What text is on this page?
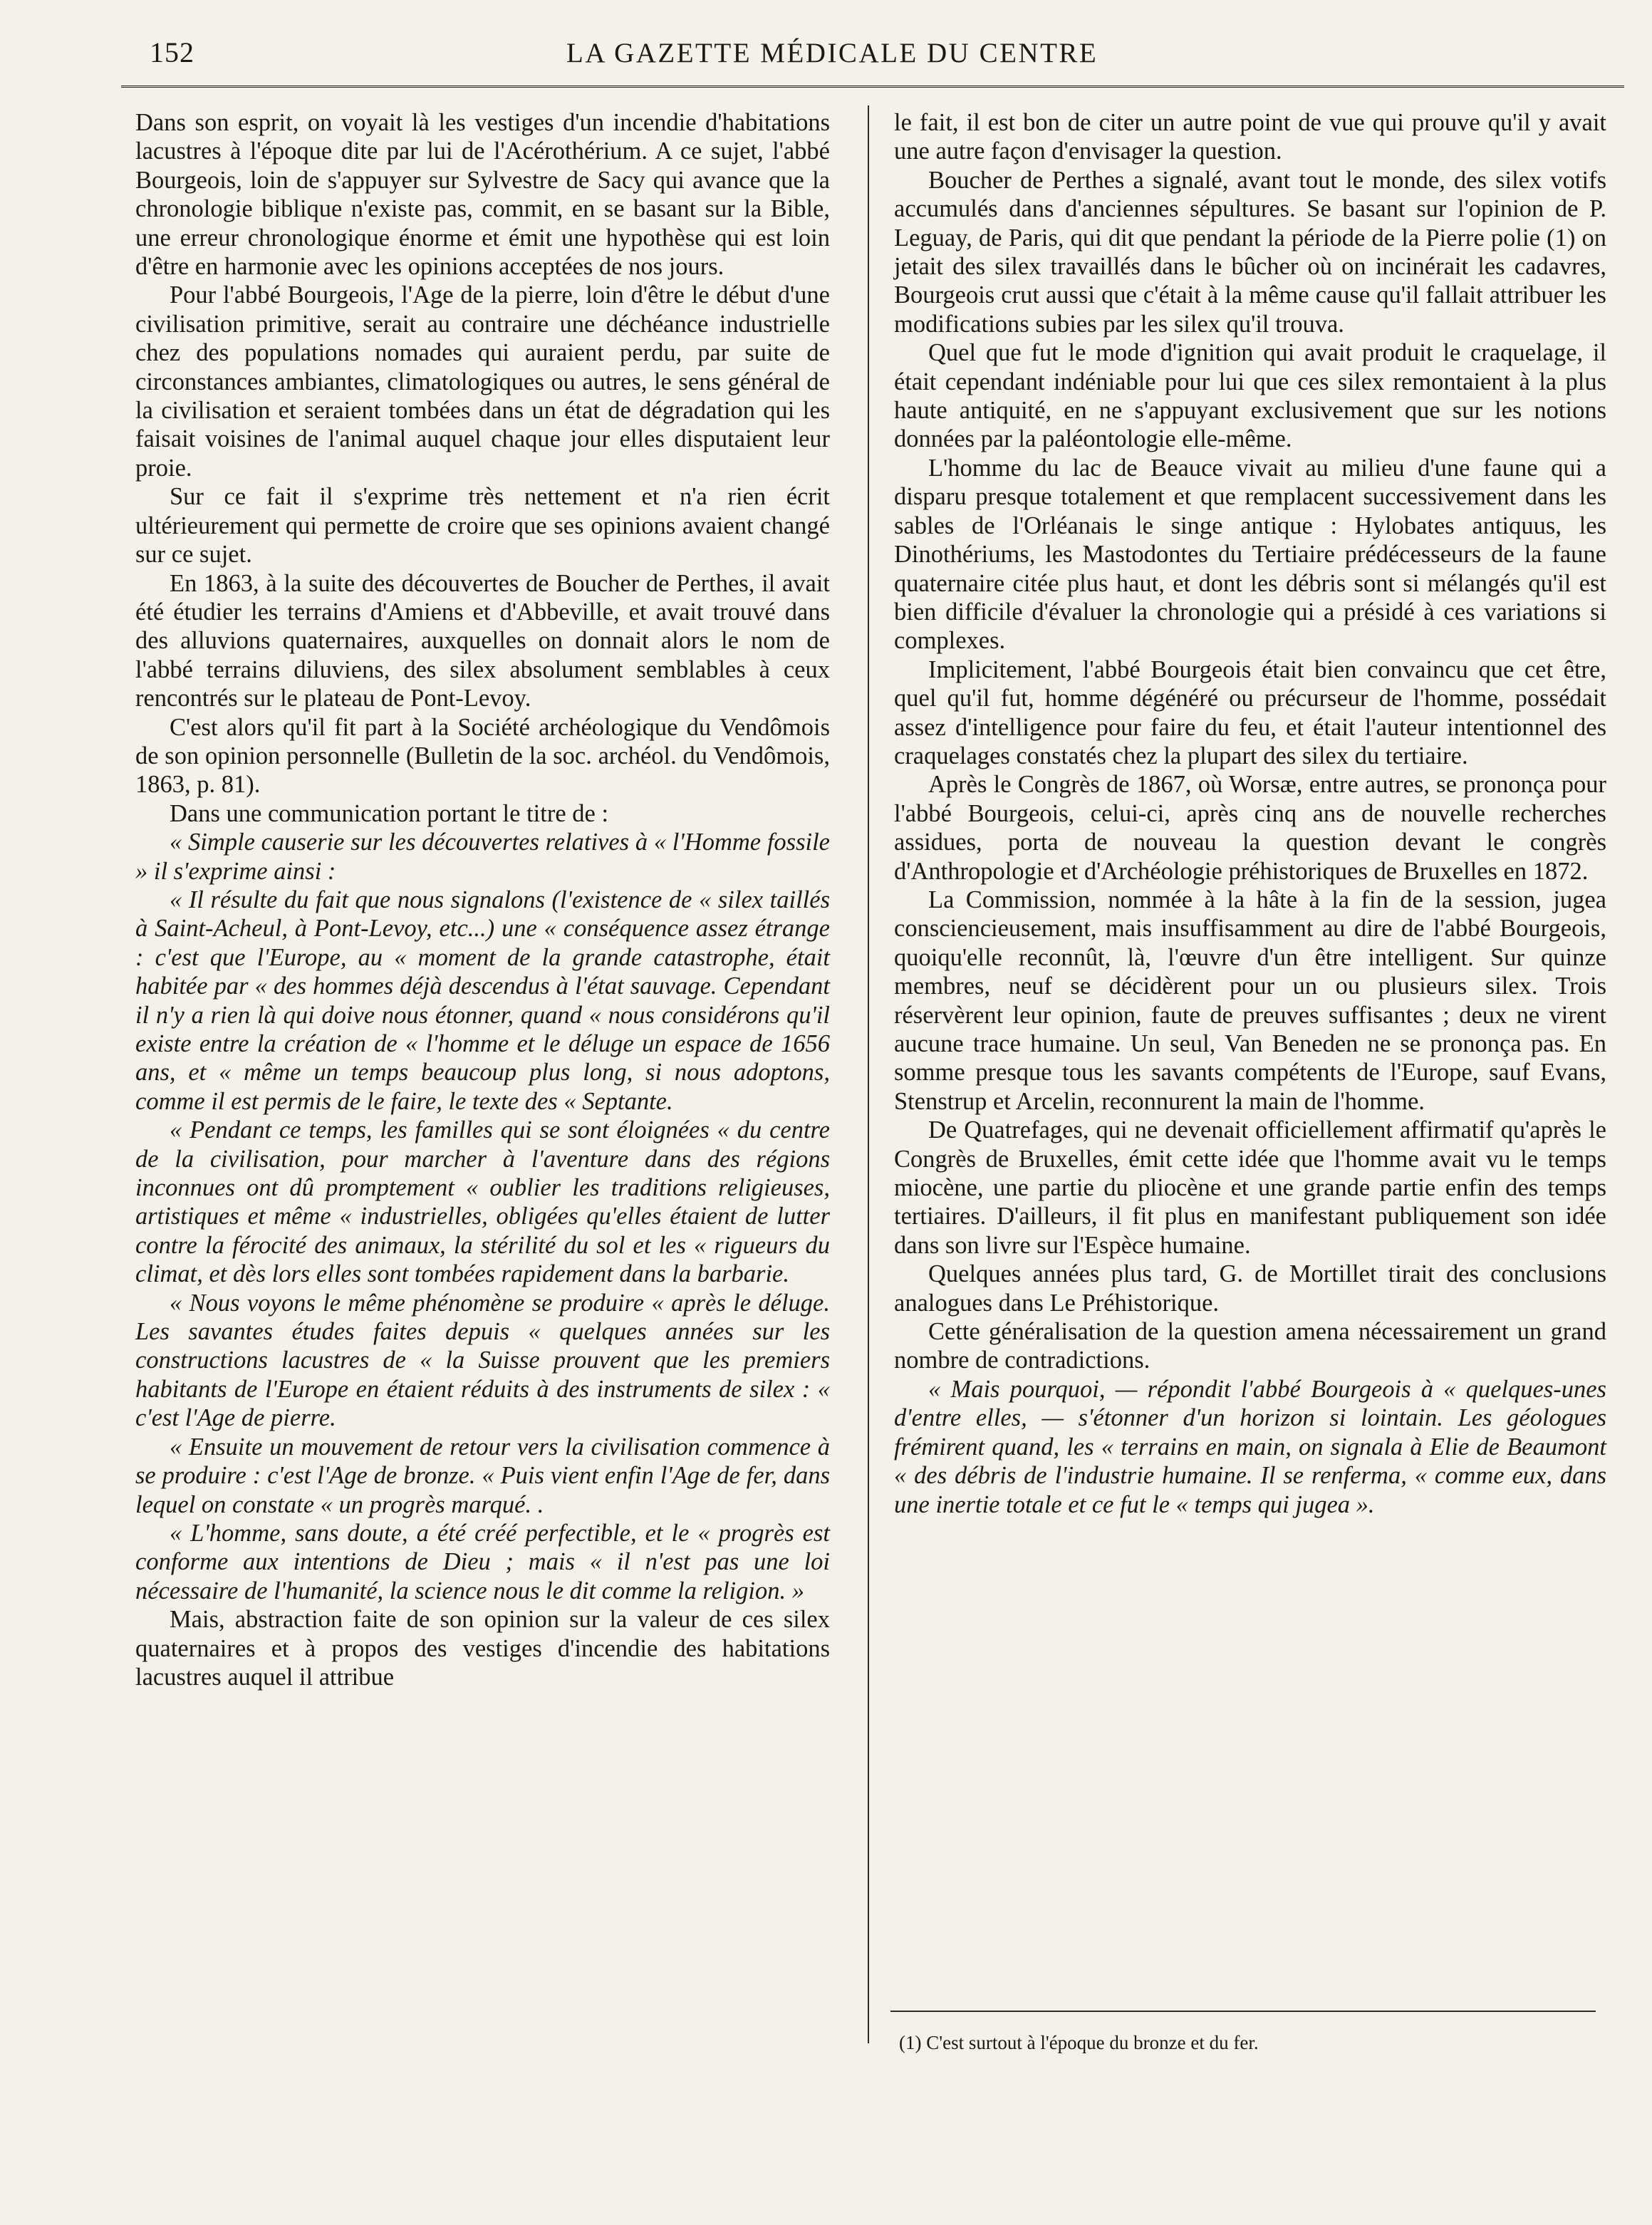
152	LA GAZETTE MÉDICALE DU CENTRE

Dans son esprit, on voyait là les vestiges d'un incendie d'habitations lacustres à l'époque dite par lui de l'Acérothérium. A ce sujet, l'abbé Bourgeois, loin de s'appuyer sur Sylvestre de Sacy qui avance que la chronologie biblique n'existe pas, commit, en se basant sur la Bible, une erreur chronologique énorme et émit une hypothèse qui est loin d'être en harmonie avec les opinions acceptées de nos jours.

Pour l'abbé Bourgeois, l'Age de la pierre, loin d'être le début d'une civilisation primitive, serait au contraire une déchéance industrielle chez des populations nomades qui auraient perdu, par suite de circonstances ambiantes, climatologiques ou autres, le sens général de la civilisation et seraient tombées dans un état de dégradation qui les faisait voisines de l'animal auquel chaque jour elles disputaient leur proie.

Sur ce fait il s'exprime très nettement et n'a rien écrit ultérieurement qui permette de croire que ses opinions avaient changé sur ce sujet.

En 1863, à la suite des découvertes de Boucher de Perthes, il avait été étudier les terrains d'Amiens et d'Abbeville, et avait trouvé dans des alluvions quaternaires, auxquelles on donnait alors le nom de l'abbé terrains diluviens, des silex absolument semblables à ceux rencontrés sur le plateau de Pont-Levoy.

C'est alors qu'il fit part à la Société archéologique du Vendômois de son opinion personnelle (Bulletin de la soc. archéol. du Vendômois, 1863, p. 81).

Dans une communication portant le titre de :

« Simple causerie sur les découvertes relatives à « l'Homme fossile » il s'exprime ainsi :

« Il résulte du fait que nous signalons (l'existence de « silex taillés à Saint-Acheul, à Pont-Levoy, etc...) une « conséquence assez étrange : c'est que l'Europe, au « moment de la grande catastrophe, était habitée par « des hommes déjà descendus à l'état sauvage. Cependant il n'y a rien là qui doive nous étonner, quand « nous considérons qu'il existe entre la création de « l'homme et le déluge un espace de 1656 ans, et « même un temps beaucoup plus long, si nous adoptons, comme il est permis de le faire, le texte des « Septante.

« Pendant ce temps, les familles qui se sont éloignées « du centre de la civilisation, pour marcher à l'aventure dans des régions inconnues ont dû promptement « oublier les traditions religieuses, artistiques et même « industrielles, obligées qu'elles étaient de lutter contre la férocité des animaux, la stérilité du sol et les « rigueurs du climat, et dès lors elles sont tombées rapidement dans la barbarie.

« Nous voyons le même phénomène se produire « après le déluge. Les savantes études faites depuis « quelques années sur les constructions lacustres de « la Suisse prouvent que les premiers habitants de l'Europe en étaient réduits à des instruments de silex : « c'est l'Age de pierre.

« Ensuite un mouvement de retour vers la civilisation commence à se produire : c'est l'Age de bronze. « Puis vient enfin l'Age de fer, dans lequel on constate « un progrès marqué. .

« L'homme, sans doute, a été créé perfectible, et le « progrès est conforme aux intentions de Dieu ; mais « il n'est pas une loi nécessaire de l'humanité, la science nous le dit comme la religion. »

Mais, abstraction faite de son opinion sur la valeur de ces silex quaternaires et à propos des vestiges d'incendie des habitations lacustres auquel il attribue

le fait, il est bon de citer un autre point de vue qui prouve qu'il y avait une autre façon d'envisager la question.

Boucher de Perthes a signalé, avant tout le monde, des silex votifs accumulés dans d'anciennes sépultures. Se basant sur l'opinion de P. Leguay, de Paris, qui dit que pendant la période de la Pierre polie (1) on jetait des silex travaillés dans le bûcher où on incinérait les cadavres, Bourgeois crut aussi que c'était à la même cause qu'il fallait attribuer les modifications subies par les silex qu'il trouva.

Quel que fut le mode d'ignition qui avait produit le craquelage, il était cependant indéniable pour lui que ces silex remontaient à la plus haute antiquité, en ne s'appuyant exclusivement que sur les notions données par la paléontologie elle-même.

L'homme du lac de Beauce vivait au milieu d'une faune qui a disparu presque totalement et que remplacent successivement dans les sables de l'Orléanais le singe antique : Hylobates antiquus, les Dinothériums, les Mastodontes du Tertiaire prédécesseurs de la faune quaternaire citée plus haut, et dont les débris sont si mélangés qu'il est bien difficile d'évaluer la chronologie qui a présidé à ces variations si complexes.

Implicitement, l'abbé Bourgeois était bien convaincu que cet être, quel qu'il fut, homme dégénéré ou précurseur de l'homme, possédait assez d'intelligence pour faire du feu, et était l'auteur intentionnel des craquelages constatés chez la plupart des silex du tertiaire.

Après le Congrès de 1867, où Worsæ, entre autres, se prononça pour l'abbé Bourgeois, celui-ci, après cinq ans de nouvelle recherches assidues, porta de nouveau la question devant le congrès d'Anthropologie et d'Archéologie préhistoriques de Bruxelles en 1872.

La Commission, nommée à la hâte à la fin de la session, jugea consciencieusement, mais insuffisamment au dire de l'abbé Bourgeois, quoiqu'elle reconnût, là, l'œuvre d'un être intelligent. Sur quinze membres, neuf se décidèrent pour un ou plusieurs silex. Trois réservèrent leur opinion, faute de preuves suffisantes ; deux ne virent aucune trace humaine. Un seul, Van Beneden ne se prononça pas. En somme presque tous les savants compétents de l'Europe, sauf Evans, Stenstrup et Arcelin, reconnurent la main de l'homme.

De Quatrefages, qui ne devenait officiellement affirmatif qu'après le Congrès de Bruxelles, émit cette idée que l'homme avait vu le temps miocène, une partie du pliocène et une grande partie enfin des temps tertiaires. D'ailleurs, il fit plus en manifestant publiquement son idée dans son livre sur l'Espèce humaine.

Quelques années plus tard, G. de Mortillet tirait des conclusions analogues dans Le Préhistorique.

Cette généralisation de la question amena nécessairement un grand nombre de contradictions.

« Mais pourquoi, — répondit l'abbé Bourgeois à « quelques-unes d'entre elles, — s'étonner d'un horizon si lointain. Les géologues frémirent quand, les « terrains en main, on signala à Elie de Beaumont « des débris de l'industrie humaine. Il se renferma, « comme eux, dans une inertie totale et ce fut le « temps qui jugea ».

(1) C'est surtout à l'époque du bronze et du fer.
